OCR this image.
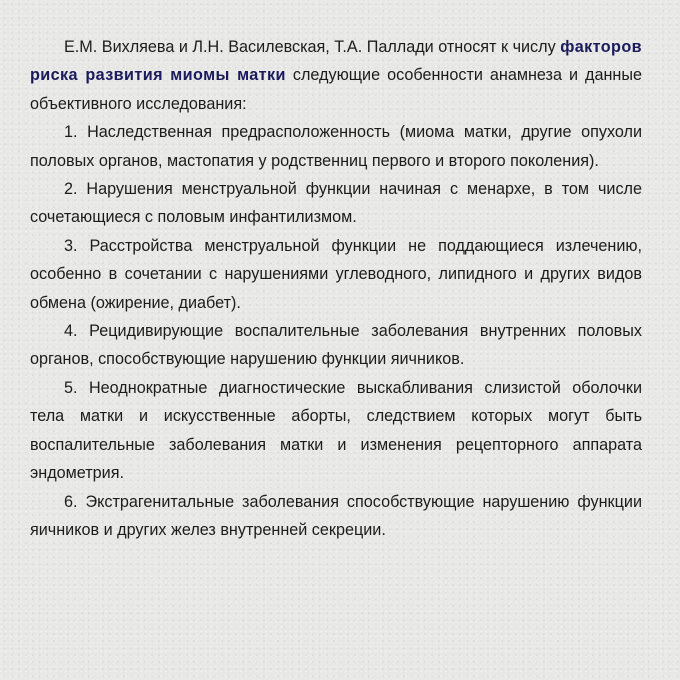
Е.М. Вихляева и Л.Н. Василевская, Т.А. Паллади относят к числу факторов риска развития миомы матки следующие особенности анамнеза и данные объективного исследования:

1. Наследственная предрасположенность (миома матки, другие опухоли половых органов, мастопатия у родственниц первого и второго поколения).

2. Нарушения менструальной функции начиная с менархе, в том числе сочетающиеся с половым инфантилизмом.

3. Расстройства менструальной функции не поддающиеся излечению, особенно в сочетании с нарушениями углеводного, липидного и других видов обмена (ожирение, диабет).

4. Рецидивирующие воспалительные заболевания внутренних половых органов, способствующие нарушению функции яичников.

5. Неоднократные диагностические выскабливания слизистой оболочки тела матки и искусственные аборты, следствием которых могут быть воспалительные заболевания матки и изменения рецепторного аппарата эндометрия.

6. Экстрагенитальные заболевания способствующие нарушению функции яичников и других желез внутренней секреции.
